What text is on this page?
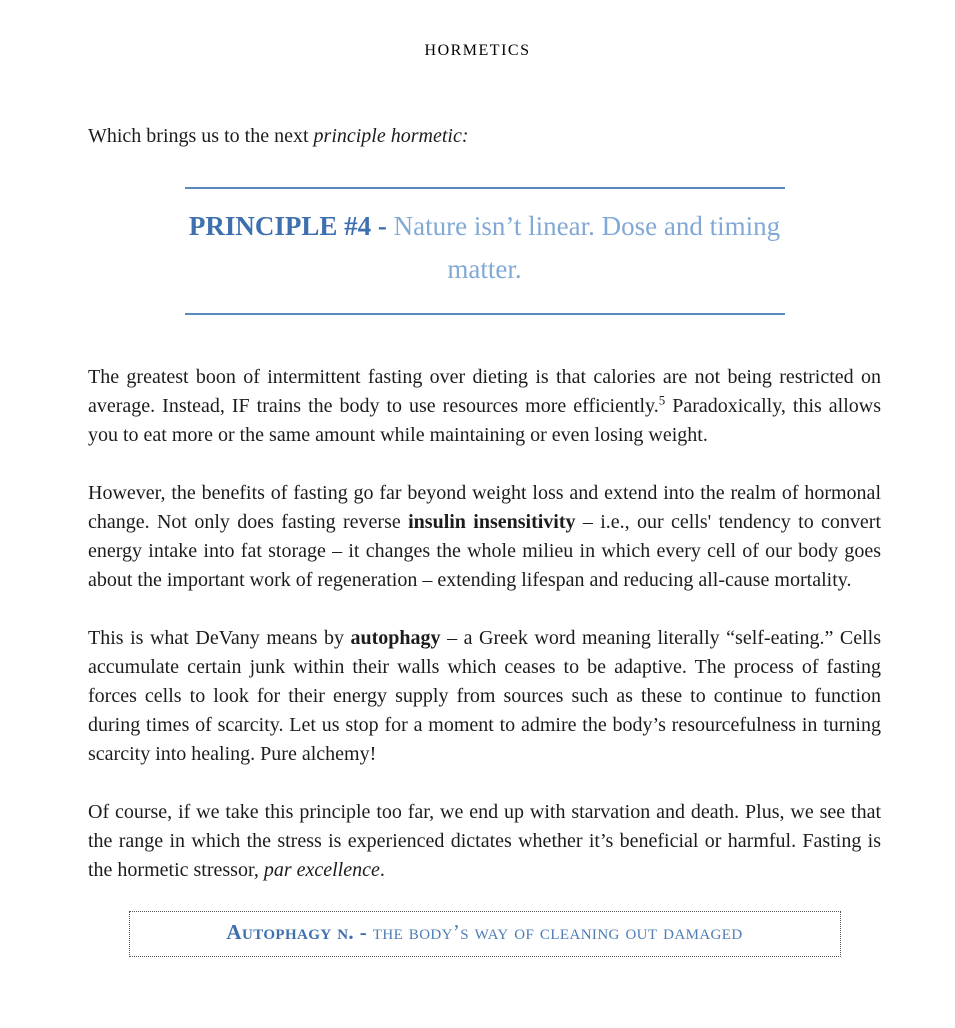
HORMETICS

Which brings us to the next principle hormetic:

PRINCIPLE #4 - Nature isn’t linear. Dose and timing matter.

The greatest boon of intermittent fasting over dieting is that calories are not being restricted on average. Instead, IF trains the body to use resources more efficiently.$^5$ Paradoxically, this allows you to eat more or the same amount while maintaining or even losing weight.

However, the benefits of fasting go far beyond weight loss and extend into the realm of hormonal change. Not only does fasting reverse insulin insensitivity – i.e., our cells' tendency to convert energy intake into fat storage – it changes the whole milieu in which every cell of our body goes about the important work of regeneration – extending lifespan and reducing all-cause mortality.

This is what DeVany means by autophagy – a Greek word meaning literally “self-eating.” Cells accumulate certain junk within their walls which ceases to be adaptive. The process of fasting forces cells to look for their energy supply from sources such as these to continue to function during times of scarcity. Let us stop for a moment to admire the body’s resourcefulness in turning scarcity into healing. Pure alchemy!

Of course, if we take this principle too far, we end up with starvation and death. Plus, we see that the range in which the stress is experienced dictates whether it’s beneficial or harmful. Fasting is the hormetic stressor, par excellence.

Autophagy n. - the body’s way of cleaning out damaged
